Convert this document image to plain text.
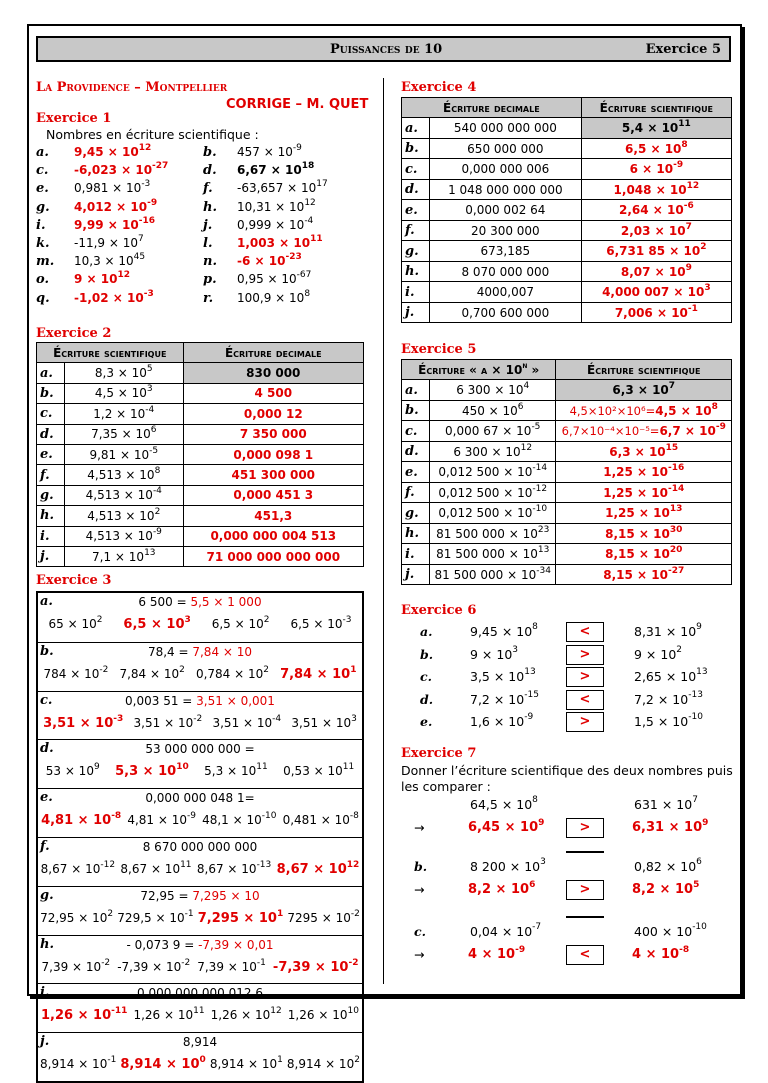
Puissances de 10	Exercice 5
La Providence – Montpellier
CORRIGE – M. QUET
Exercice 1
Nombres en écriture scientifique :
a. $9,45 \times 10^{12}$	b. $457 \times 10^{-9}$
c. $-6,023 \times 10^{-27}$	d. $6,67 \times 10^{18}$
e. $0,981 \times 10^{-3}$	f. $-63,657 \times 10^{17}$
g. $4,012 \times 10^{-9}$	h. $10,31 \times 10^{12}$
i. $9,99 \times 10^{-16}$	j. $0,999 \times 10^{-4}$
k. $-11,9 \times 10^7$	l. $1,003 \times 10^{11}$
m. $10,3 \times 10^{45}$	n. $-6 \times 10^{-23}$
o. $9 \times 10^{12}$	p. $0,95 \times 10^{-67}$
q. $-1,02 \times 10^{-3}$	r. $100,9 \times 10^8$
Exercice 2
Écriture scientifique		Écriture decimale
a.	$8,3 \times 10^5$	830 000
b.	$4,5 \times 10^3$	4 500
c.	$1,2 \times 10^{-4}$	0,000 12
d.	$7,35 \times 10^6$	7 350 000
e.	$9,81 \times 10^{-5}$	0,000 098 1
f.	$4,513 \times 10^8$	451 300 000
g.	$4,513 \times 10^{-4}$	0,000 451 3
h.	$4,513 \times 10^2$	451,3
i.	$4,513 \times 10^{-9}$	0,000 000 004 513
j.	$7,1 \times 10^{13}$	71 000 000 000 000
Exercice 3
a.	6 500 = 5,5 × 1 000
$65 \times 10^2$ $6,5 \times 10^3$ $6,5 \times 10^2$ $6,5 \times 10^{-3}$
b.	78,4 = 7,84 × 10
$784 \times 10^{-2}$ $7,84 \times 10^2$ $0,784 \times 10^2$ $7,84 \times 10^1$
c.	0,003 51 = 3,51 × 0,001
$3,51 \times 10^{-3}$ $3,51 \times 10^{-2}$ $3,51 \times 10^{-4}$ $3,51 \times 10^3$
d.	53 000 000 000 =
$53 \times 10^9$ $5,3 \times 10^{10}$ $5,3 \times 10^{11}$ $0,53 \times 10^{11}$
e.	0,000 000 048 1=
$4,81 \times 10^{-8}$ $4,81 \times 10^{-9}$ $48,1 \times 10^{-10}$ $0,481 \times 10^{-8}$
f.	8 670 000 000 000
$8,67 \times 10^{-12}$ $8,67 \times 10^{11}$ $8,67 \times 10^{-13}$ $8,67 \times 10^{12}$
g.	72,95 = 7,295 × 10
$72,95 \times 10^2$ $729,5 \times 10^{-1}$ $7,295 \times 10^1$ $7295 \times 10^{-2}$
h.	- 0,073 9 = -7,39 × 0,01
$7,39 \times 10^{-2}$ $-7,39 \times 10^{-2}$ $7,39 \times 10^{-1}$ $-7,39 \times 10^{-2}$
i.	0,000 000 000 012 6
$1,26 \times 10^{-11}$ $1,26 \times 10^{11}$ $1,26 \times 10^{12}$ $1,26 \times 10^{10}$
j.	8,914
$8,914 \times 10^{-1}$ $8,914 \times 10^0$ $8,914 \times 10^1$ $8,914 \times 10^2$
Exercice 4
Écriture decimale		Écriture scientifique
a.	540 000 000 000	$5,4 \times 10^{11}$
b.	650 000 000	$6,5 \times 10^8$
c.	0,000 000 006	$6 \times 10^{-9}$
d.	1 048 000 000 000	$1,048 \times 10^{12}$
e.	0,000 002 64	$2,64 \times 10^{-6}$
f.	20 300 000	$2,03 \times 10^7$
g.	673,185	6,731 $85 \times 10^2$
h.	8 070 000 000	$8,07 \times 10^9$
i.	4000,007	4,000 $007 \times 10^3$
j.	0,700 600 000	$7,006 \times 10^{-1}$
Exercice 5
Écriture « $a \times 10^n$ »		Écriture scientifique
a.	6 $300 \times 10^4$	$6,3 \times 10^7$
b.	$450 \times 10^6$	$4,5\times 10^2\times 10^6=4,5 \times 10^8$
c.	0,000 $67 \times 10^{-5}$	$6,7\times 10^{-4}\times 10^{-5}=6,7 \times 10^{-9}$
d.	6 $300 \times 10^{12}$	$6,3 \times 10^{15}$
e.	0,012 $500 \times 10^{-14}$	$1,25 \times 10^{-16}$
f.	0,012 $500 \times 10^{-12}$	$1,25 \times 10^{-14}$
g.	0,012 $500 \times 10^{-10}$	$1,25 \times 10^{13}$
h.	81 500 $000 \times 10^{23}$	$8,15 \times 10^{30}$
i.	81 500 $000 \times 10^{13}$	$8,15 \times 10^{20}$
j.	81 500 $000 \times 10^{-34}$	$8,15 \times 10^{-27}$
Exercice 6
a.	$9,45 \times 10^8$	<	$8,31 \times 10^9$
b.	$9 \times 10^3$	>	$9 \times 10^2$
c.	$3,5 \times 10^{13}$	>	$2,65 \times 10^{13}$
d.	$7,2 \times 10^{-15}$	<	$7,2 \times 10^{-13}$
e.	$1,6 \times 10^{-9}$	>	$1,5 \times 10^{-10}$
Exercice 7
Donner l’écriture scientifique des deux nombres puis
les comparer :
$64,5 \times 10^8$	$631 \times 10^7$
→	$6,45 \times 10^9$	>	$6,31 \times 10^9$
b.	8 $200 \times 10^3$	$0,82 \times 10^6$
→	$8,2 \times 10^6$	>	$8,2 \times 10^5$
c.	$0,04 \times 10^{-7}$	$400 \times 10^{-10}$
→	$4 \times 10^{-9}$	<	$4 \times 10^{-8}$
